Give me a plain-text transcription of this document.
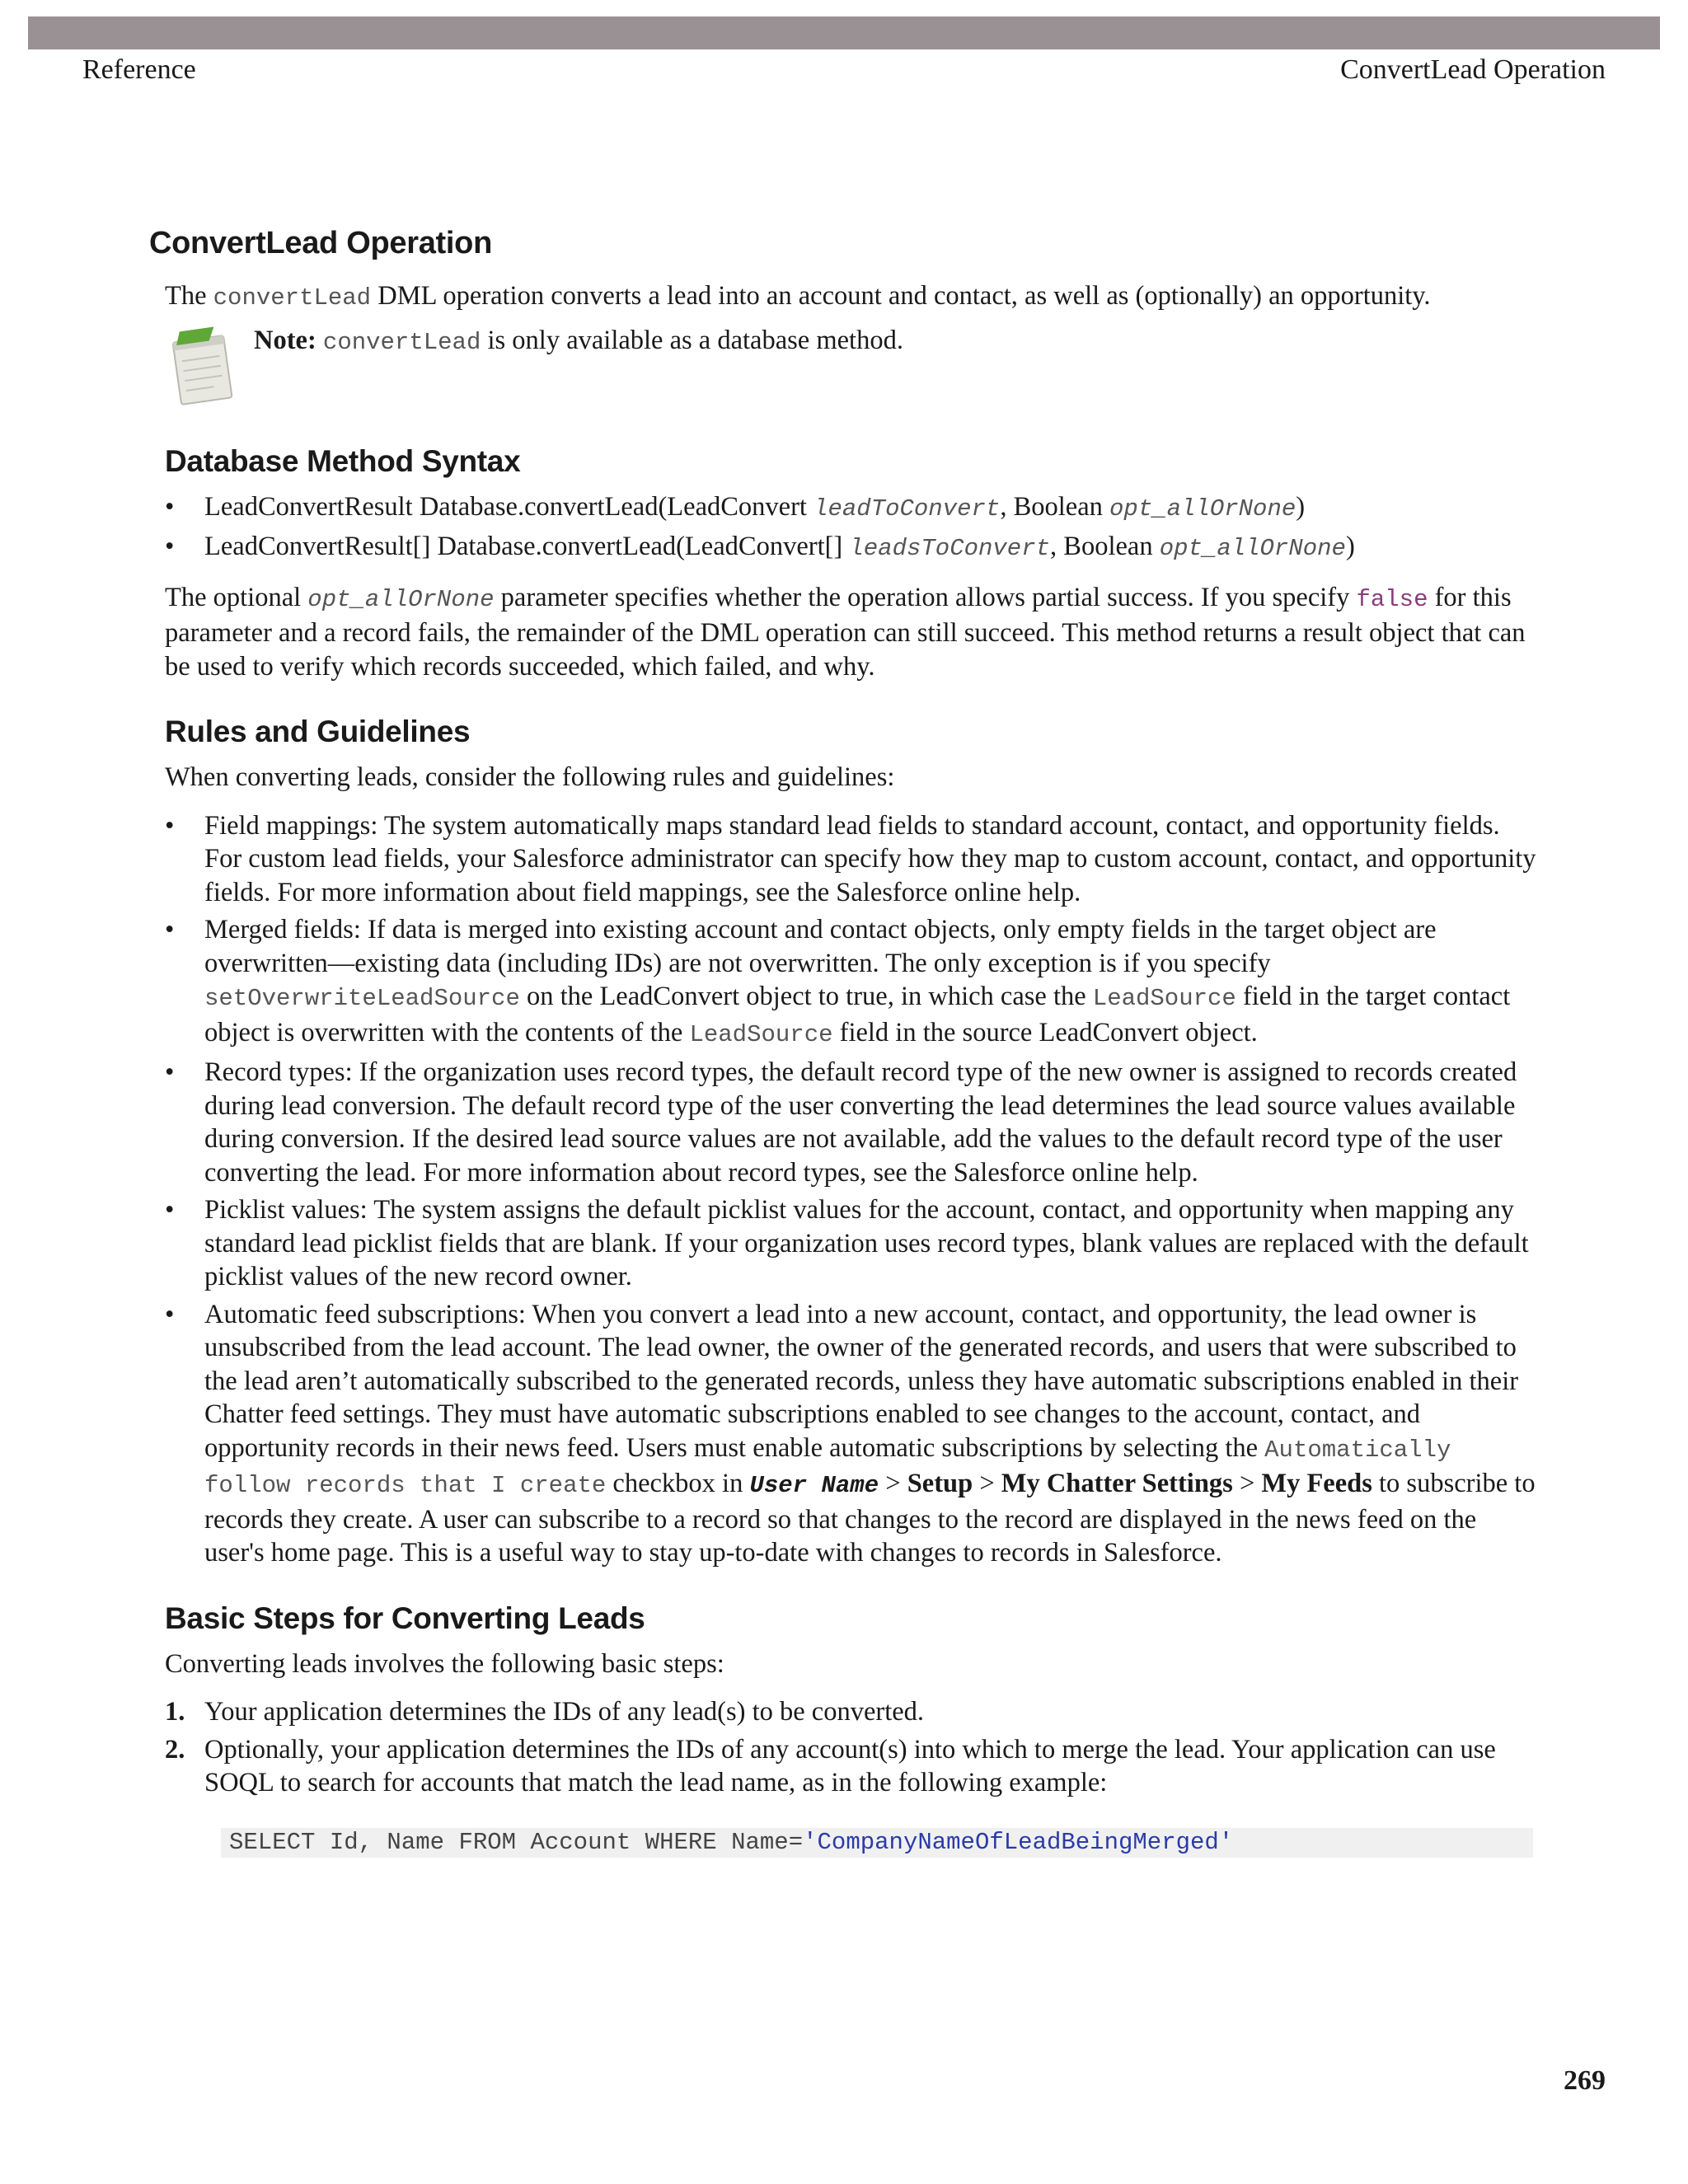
Reference	ConvertLead Operation
ConvertLead Operation

The convertLead DML operation converts a lead into an account and contact, as well as (optionally) an opportunity.

Note: convertLead is only available as a database method.

Database Method Syntax
• LeadConvertResult Database.convertLead(LeadConvert leadToConvert, Boolean opt_allOrNone)
• LeadConvertResult[] Database.convertLead(LeadConvert[] leadsToConvert, Boolean opt_allOrNone)

The optional opt_allOrNone parameter specifies whether the operation allows partial success. If you specify false for this parameter and a record fails, the remainder of the DML operation can still succeed. This method returns a result object that can be used to verify which records succeeded, which failed, and why.

Rules and Guidelines

When converting leads, consider the following rules and guidelines:

• Field mappings: The system automatically maps standard lead fields to standard account, contact, and opportunity fields. For custom lead fields, your Salesforce administrator can specify how they map to custom account, contact, and opportunity fields. For more information about field mappings, see the Salesforce online help.
• Merged fields: If data is merged into existing account and contact objects, only empty fields in the target object are overwritten—existing data (including IDs) are not overwritten. The only exception is if you specify setOverwriteLeadSource on the LeadConvert object to true, in which case the LeadSource field in the target contact object is overwritten with the contents of the LeadSource field in the source LeadConvert object.
• Record types: If the organization uses record types, the default record type of the new owner is assigned to records created during lead conversion. The default record type of the user converting the lead determines the lead source values available during conversion. If the desired lead source values are not available, add the values to the default record type of the user converting the lead. For more information about record types, see the Salesforce online help.
• Picklist values: The system assigns the default picklist values for the account, contact, and opportunity when mapping any standard lead picklist fields that are blank. If your organization uses record types, blank values are replaced with the default picklist values of the new record owner.
• Automatic feed subscriptions: When you convert a lead into a new account, contact, and opportunity, the lead owner is unsubscribed from the lead account. The lead owner, the owner of the generated records, and users that were subscribed to the lead aren’t automatically subscribed to the generated records, unless they have automatic subscriptions enabled in their Chatter feed settings. They must have automatic subscriptions enabled to see changes to the account, contact, and opportunity records in their news feed. Users must enable automatic subscriptions by selecting the Automatically follow records that I create checkbox in User Name > Setup > My Chatter Settings > My Feeds to subscribe to records they create. A user can subscribe to a record so that changes to the record are displayed in the news feed on the user's home page. This is a useful way to stay up-to-date with changes to records in Salesforce.
Basic Steps for Converting Leads

Converting leads involves the following basic steps:

1. Your application determines the IDs of any lead(s) to be converted.
2. Optionally, your application determines the IDs of any account(s) into which to merge the lead. Your application can use SOQL to search for accounts that match the lead name, as in the following example:
SELECT Id, Name FROM Account WHERE Name='CompanyNameOfLeadBeingMerged'
269
